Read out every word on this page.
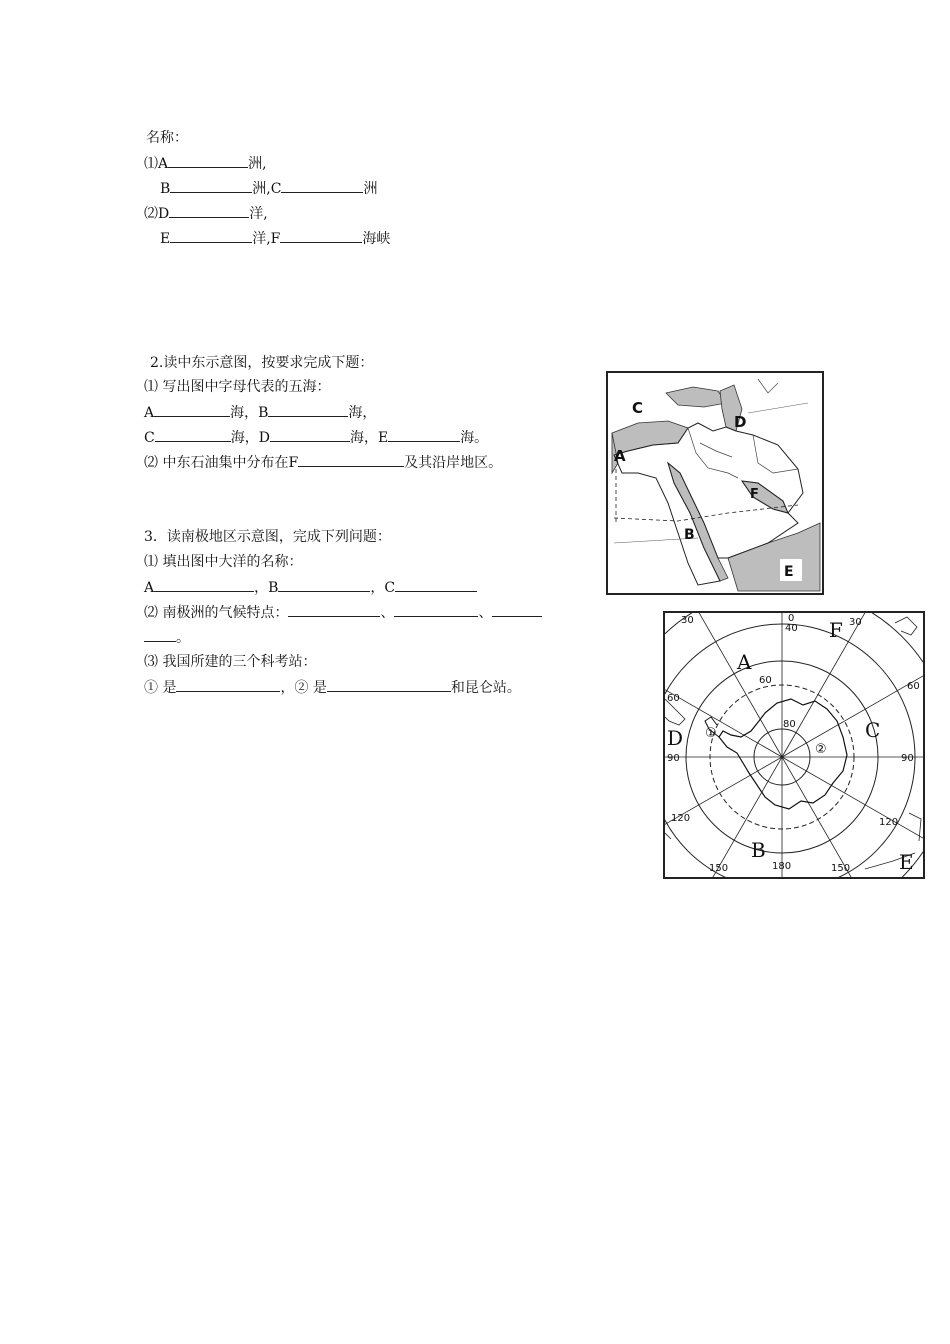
名称：
⑴A	洲,
B	洲,C	洲
⑵D	洋,
E	洋,F	海峡
2.读中东示意图，按要求完成下题：
⑴ 写出图中字母代表的五海：
A	海，B	海，
C	海，D	海，E	海。
⑵ 中东石油集中分布在F	及其沿岸地区。
3．读南极地区示意图，完成下列问题：
⑴ 填出图中大洋的名称：
A	，B	，C
⑵ 南极洲的气候特点：	、	、
。
⑶ 我国所建的三个科考站：
① 是	，② 是	和昆仑站。
C
D
A
F
B
E
30	0
40
60
60
90	90
120	120
150	180	150
30
60
80
A
B
C
D
E
F
①
②
